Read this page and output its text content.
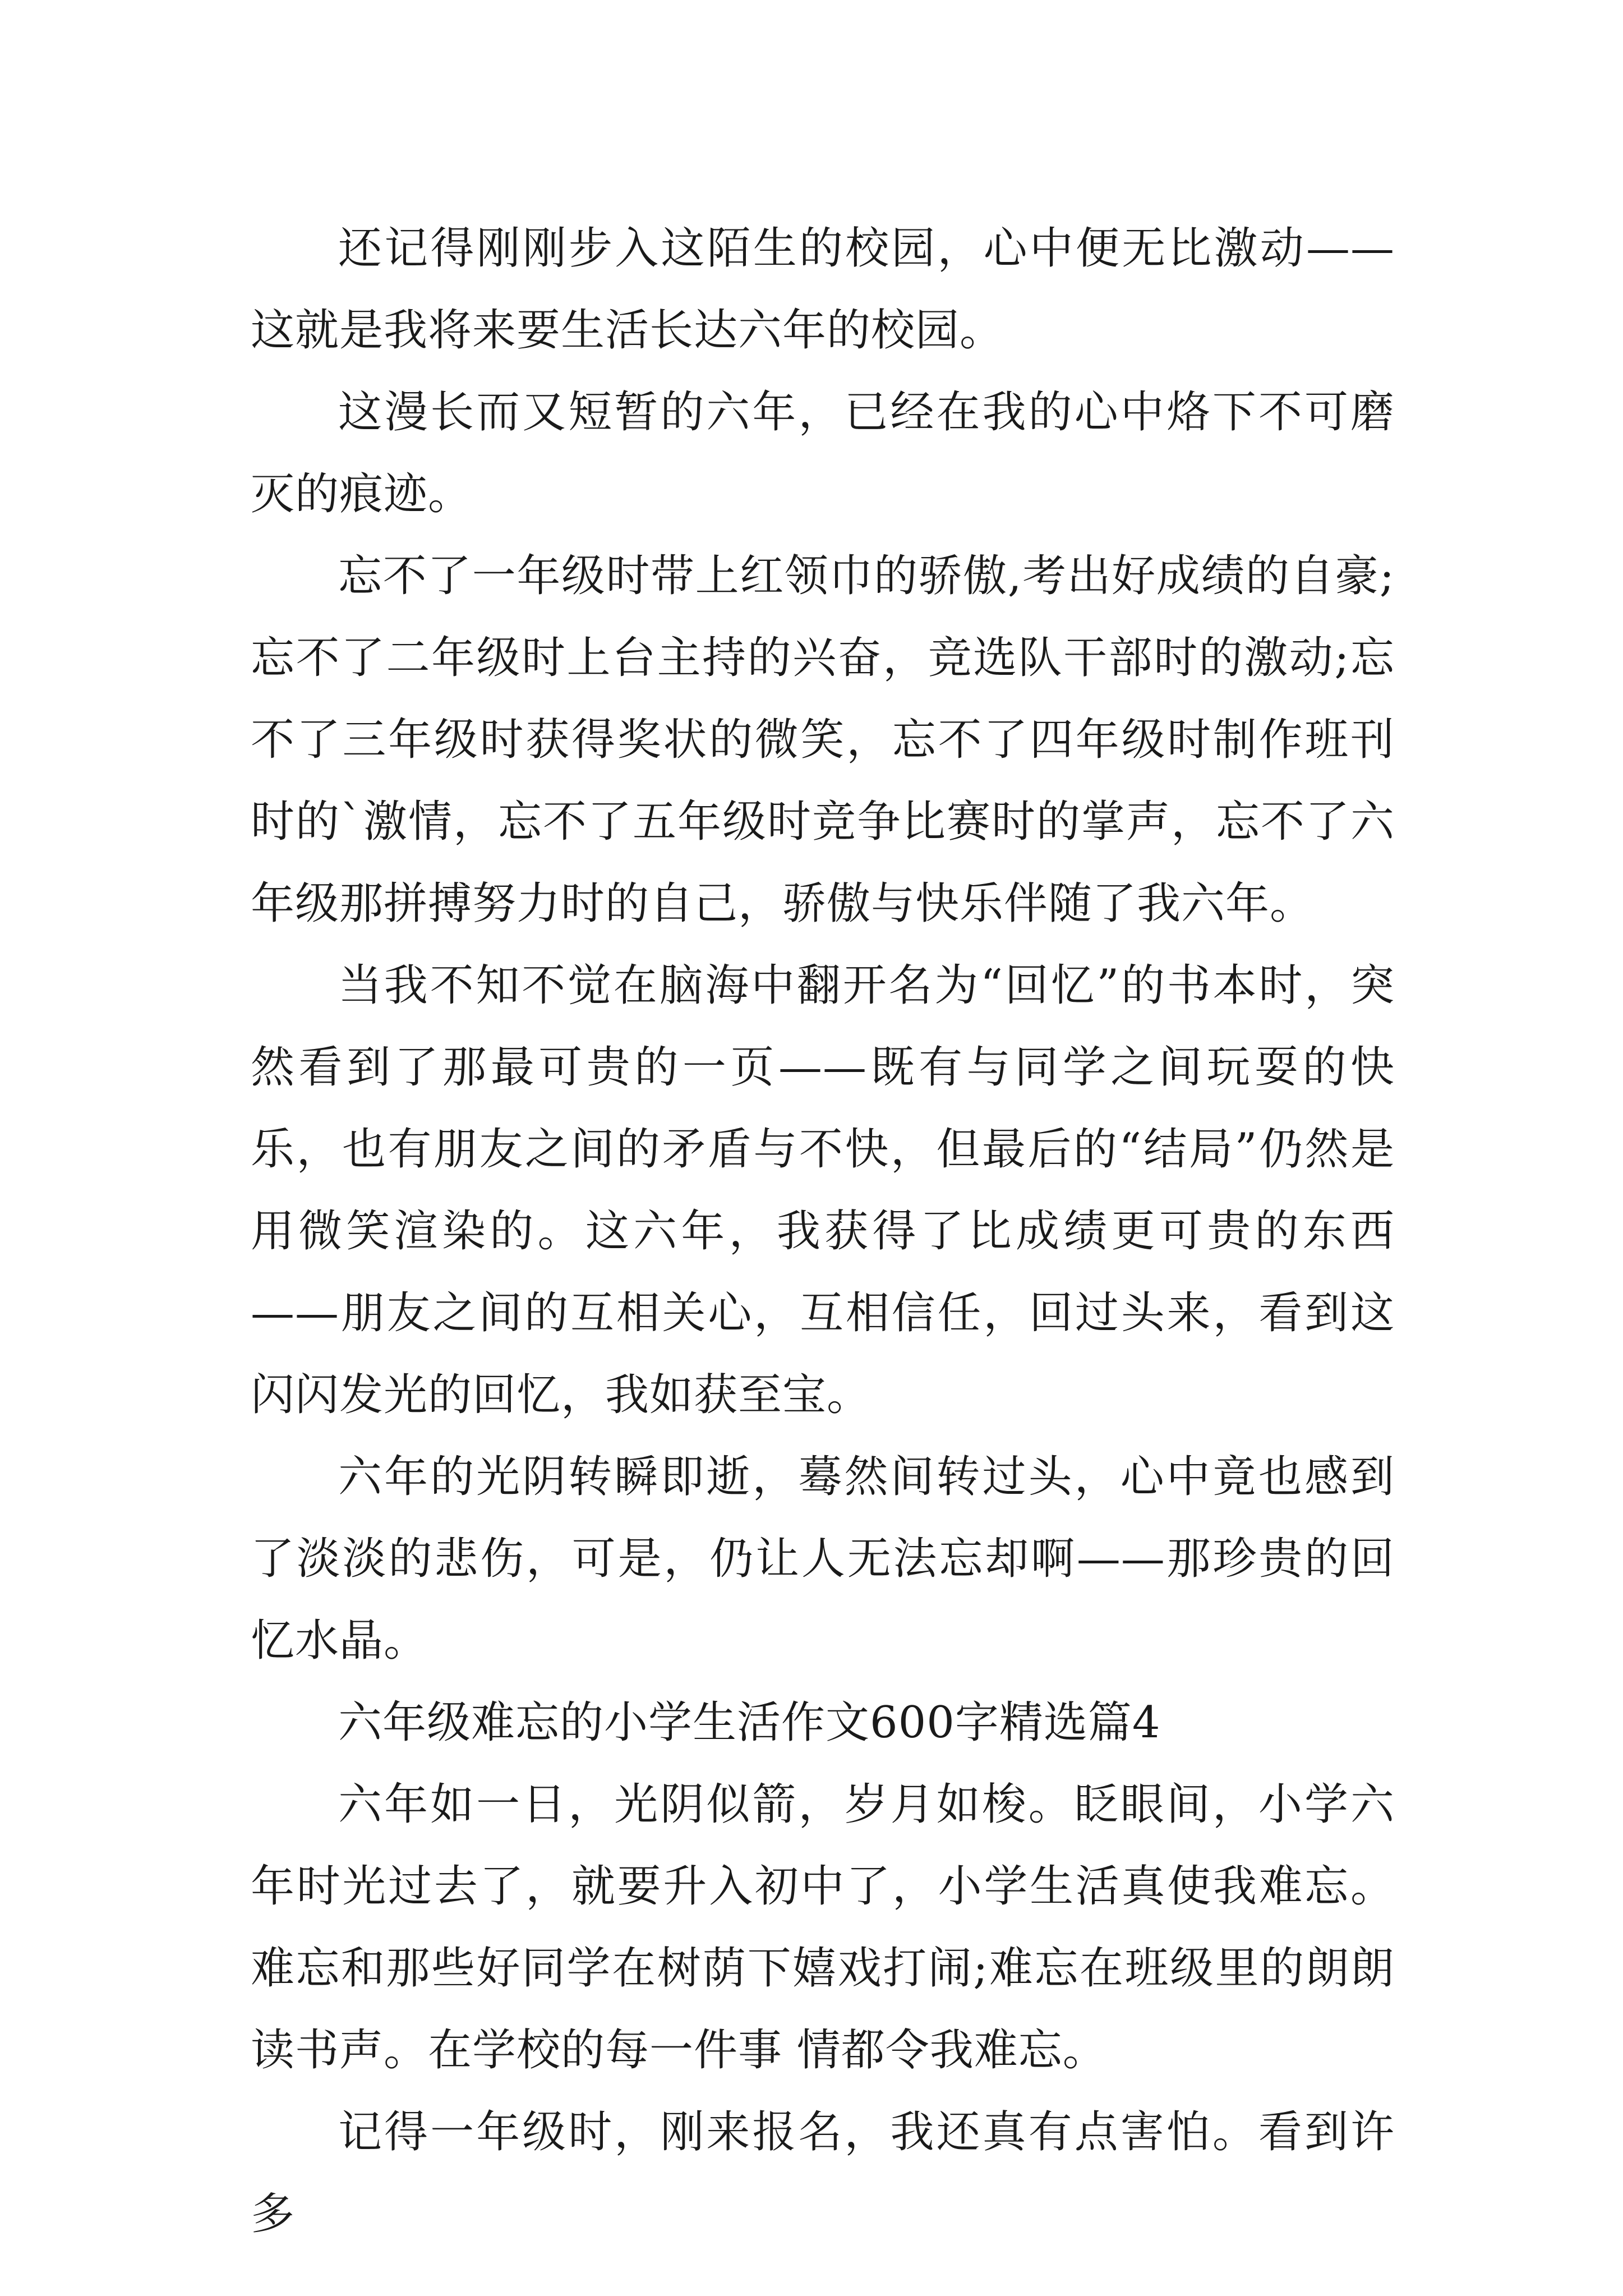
还记得刚刚步入这陌生的校园，心中便无比激动——这就是我将来要生活长达六年的校园。

这漫长而又短暂的六年，已经在我的心中烙下不可磨灭的痕迹。

忘不了一年级时带上红领巾的骄傲,考出好成绩的自豪;忘不了二年级时上台主持的兴奋，竞选队干部时的激动;忘不了三年级时获得奖状的微笑，忘不了四年级时制作班刊时的`激情，忘不了五年级时竞争比赛时的掌声，忘不了六年级那拼搏努力时的自己，骄傲与快乐伴随了我六年。

当我不知不觉在脑海中翻开名为“回忆”的书本时，突然看到了那最可贵的一页——既有与同学之间玩耍的快乐，也有朋友之间的矛盾与不快，但最后的“结局”仍然是用微笑渲染的。这六年，我获得了比成绩更可贵的东西——朋友之间的互相关心，互相信任，回过头来，看到这闪闪发光的回忆，我如获至宝。

六年的光阴转瞬即逝，蓦然间转过头，心中竟也感到了淡淡的悲伤，可是，仍让人无法忘却啊——那珍贵的回忆水晶。

六年级难忘的小学生活作文600字精选篇4

六年如一日，光阴似箭，岁月如梭。眨眼间，小学六年时光过去了，就要升入初中了，小学生活真使我难忘。难忘和那些好同学在树荫下嬉戏打闹;难忘在班级里的朗朗读书声。在学校的每一件事 情都令我难忘。

记得一年级时，刚来报名，我还真有点害怕。看到许多
